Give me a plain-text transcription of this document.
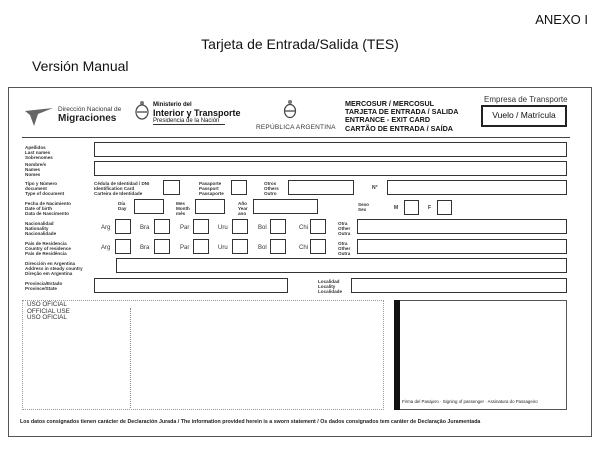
ANEXO I
Tarjeta de Entrada/Salida (TES)
Versión Manual
Dirección Nacional de
Migraciones
Ministerio del
Interior y Transporte
Presidencia de la Nación
REPÚBLICA ARGENTINA
MERCOSUR / MERCOSUL
TARJETA DE ENTRADA / SALIDA
ENTRANCE - EXIT CARD
CARTÃO DE ENTRADA / SAÍDA
Empresa de Transporte
Vuelo / Matrícula
Apellidos
Last names
Sobrenomes
Nombre/s
Names
Nomes
Tipo y Número
document
Type of document
Cédula de Identidad / DNI
Identification Card
Carteira de Identidade
Pasaporte
Passport
Passaporte
Otros
Others
Outro
N°
Fecha de Nacimiento
Date of birth
Data de Nascimento
Día
Day
Mes
Month
mês
Año
Year
ano
Sexo
Sex	M	F
Nacionalidad
Nationality
Nacionalidade
Arg	Bra	Par	Uru	Bol	Chi
Otra
Other
Outra
País de Residencia
Country of residence
País de Residência
Arg	Bra	Par	Uru	Bol	Chi
Otra
Other
Outra
Dirección en Argentina
Address in steady country
Direção em Argentina
Provincia/Estado
Province/State
Localidad
Locality
Localidade
USO OFICIAL
OFFICIAL USE
USO OFICIAL
Firma del Pasajero · Signing of passenger · Assinatura do Passageiro
Los datos consignados tienen carácter de Declaración Jurada / The information provided herein is a sworn statement / Os dados consignados tem caráter de Declaração Juramentada
